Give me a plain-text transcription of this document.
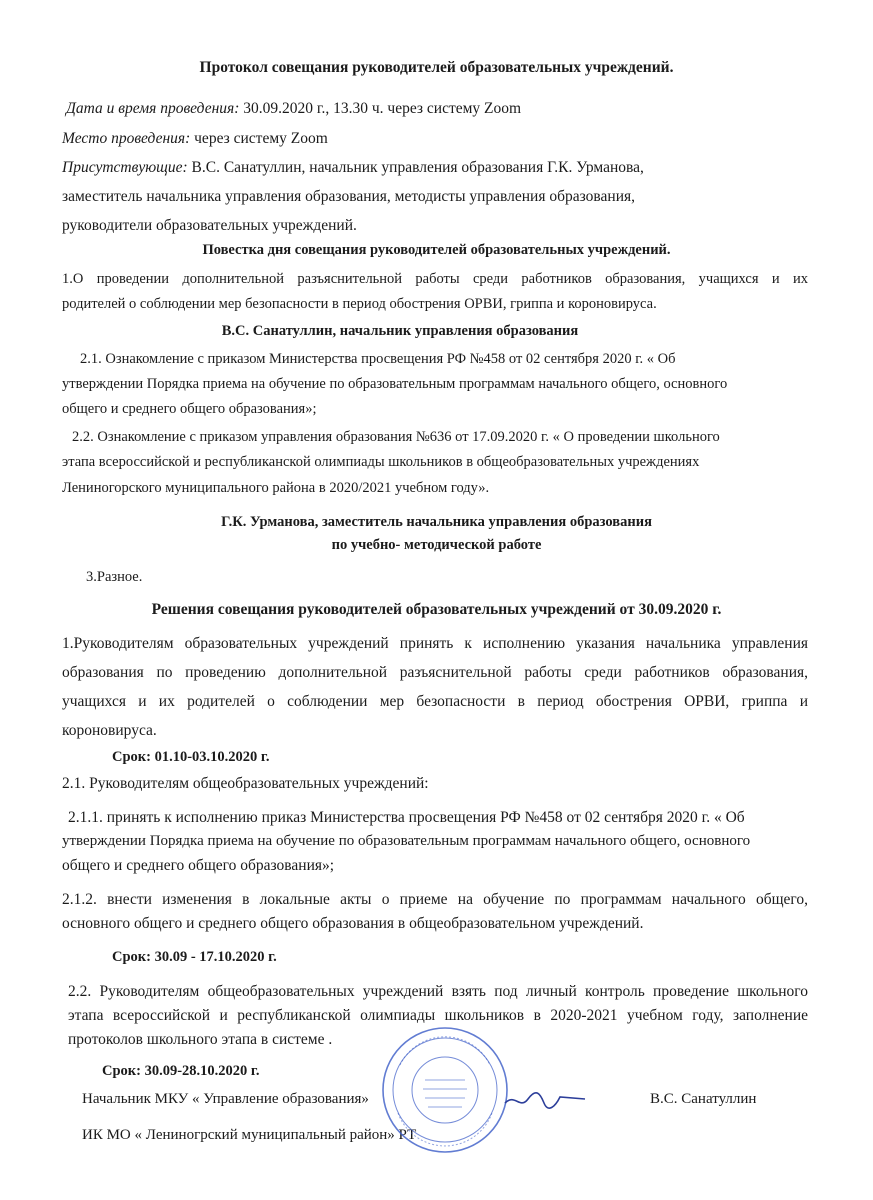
Протокол совещания руководителей образовательных учреждений.
Дата и время проведения: 30.09.2020 г., 13.30 ч. через систему Zoom
Место проведения: через систему Zoom
Присутствующие: В.С. Санатуллин, начальник управления образования Г.К. Урманова,
заместитель начальника управления образования, методисты управления образования,
руководители образовательных учреждений.
Повестка дня совещания руководителей образовательных учреждений.
1.О проведении дополнительной разъяснительной работы среди работников образования, учащихся и их
родителей о соблюдении мер безопасности в период обострения ОРВИ, гриппа и короновируса.
В.С. Санатуллин, начальник управления образования
2.1. Ознакомление с приказом Министерства просвещения РФ №458 от 02 сентября 2020 г. « Об
утверждении Порядка приема на обучение по образовательным программам начального общего, основного
общего и среднего общего образования»;
2.2. Ознакомление с приказом управления образования №636 от 17.09.2020 г. « О проведении школьного
этапа всероссийской и республиканской олимпиады школьников в общеобразовательных учреждениях
Лениногорского муниципального района в 2020/2021 учебном году».
Г.К. Урманова, заместитель начальника управления образования
по учебно- методической работе
3.Разное.
Решения совещания руководителей образовательных учреждений от 30.09.2020 г.
1.Руководителям образовательных учреждений принять к исполнению указания начальника управления
образования по проведению дополнительной разъяснительной работы среди работников образования,
учащихся и их родителей о соблюдении мер безопасности в период обострения ОРВИ, гриппа и
короновируса.
Срок: 01.10-03.10.2020 г.
2.1. Руководителям общеобразовательных учреждений:
2.1.1. принять к исполнению приказ Министерства просвещения РФ №458 от 02 сентября 2020 г. « Об
утверждении Порядка приема на обучение по образовательным программам начального общего, основного
общего и среднего общего образования»;
2.1.2. внести изменения в локальные акты о приеме на обучение по программам начального общего,
основного общего и среднего общего образования в общеобразовательном учреждений.
Срок: 30.09 - 17.10.2020 г.
2.2. Руководителям общеобразовательных учреждений взять под личный контроль проведение школьного
этапа всероссийской и республиканской олимпиады школьников в 2020-2021 учебном году, заполнение
протоколов школьного этапа в системе .
Срок: 30.09-28.10.2020 г.
Начальник МКУ « Управление образования»
ИК МО « Лениногрский муниципальный район» РТ
В.С. Санатуллин
